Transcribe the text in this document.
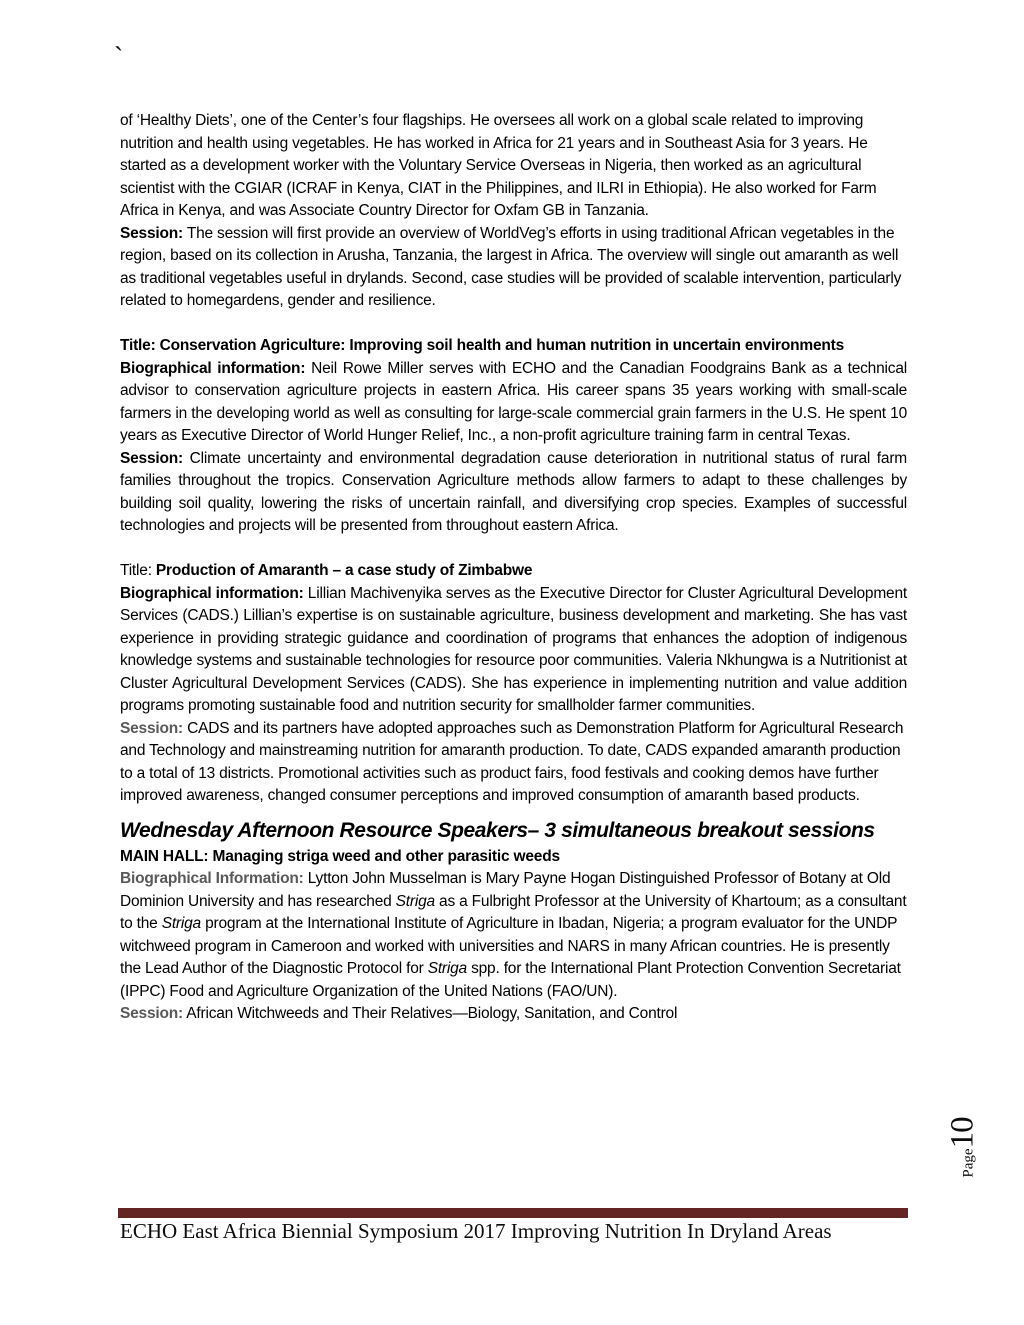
`

of ‘Healthy Diets’, one of the Center’s four flagships. He oversees all work on a global scale related to improving nutrition and health using vegetables. He has worked in Africa for 21 years and in Southeast Asia for 3 years. He started as a development worker with the Voluntary Service Overseas in Nigeria, then worked as an agricultural scientist with the CGIAR (ICRAF in Kenya, CIAT in the Philippines, and ILRI in Ethiopia). He also worked for Farm Africa in Kenya, and was Associate Country Director for Oxfam GB in Tanzania.

Session: The session will first provide an overview of WorldVeg’s efforts in using traditional African vegetables in the region, based on its collection in Arusha, Tanzania, the largest in Africa. The overview will single out amaranth as well as traditional vegetables useful in drylands. Second, case studies will be provided of scalable intervention, particularly related to homegardens, gender and resilience.

Title: Conservation Agriculture: Improving soil health and human nutrition in uncertain environments

Biographical information: Neil Rowe Miller serves with ECHO and the Canadian Foodgrains Bank as a technical advisor to conservation agriculture projects in eastern Africa. His career spans 35 years working with small-scale farmers in the developing world as well as consulting for large-scale commercial grain farmers in the U.S. He spent 10 years as Executive Director of World Hunger Relief, Inc., a non-profit agriculture training farm in central Texas.

Session: Climate uncertainty and environmental degradation cause deterioration in nutritional status of rural farm families throughout the tropics. Conservation Agriculture methods allow farmers to adapt to these challenges by building soil quality, lowering the risks of uncertain rainfall, and diversifying crop species. Examples of successful technologies and projects will be presented from throughout eastern Africa.

Title: Production of Amaranth – a case study of Zimbabwe

Biographical information: Lillian Machivenyika serves as the Executive Director for Cluster Agricultural Development Services (CADS.) Lillian’s expertise is on sustainable agriculture, business development and marketing. She has vast experience in providing strategic guidance and coordination of programs that enhances the adoption of indigenous knowledge systems and sustainable technologies for resource poor communities. Valeria Nkhungwa is a Nutritionist at Cluster Agricultural Development Services (CADS). She has experience in implementing nutrition and value addition programs promoting sustainable food and nutrition security for smallholder farmer communities.

Session: CADS and its partners have adopted approaches such as Demonstration Platform for Agricultural Research and Technology and mainstreaming nutrition for amaranth production. To date, CADS expanded amaranth production to a total of 13 districts. Promotional activities such as product fairs, food festivals and cooking demos have further improved awareness, changed consumer perceptions and improved consumption of amaranth based products.

Wednesday Afternoon Resource Speakers– 3 simultaneous breakout sessions

MAIN HALL: Managing striga weed and other parasitic weeds

Biographical Information: Lytton John Musselman is Mary Payne Hogan Distinguished Professor of Botany at Old Dominion University and has researched Striga as a Fulbright Professor at the University of Khartoum; as a consultant to the Striga program at the International Institute of Agriculture in Ibadan, Nigeria; a program evaluator for the UNDP witchweed program in Cameroon and worked with universities and NARS in many African countries. He is presently the Lead Author of the Diagnostic Protocol for Striga spp. for the International Plant Protection Convention Secretariat (IPPC) Food and Agriculture Organization of the United Nations (FAO/UN).

Session: African Witchweeds and Their Relatives—Biology, Sanitation, and Control

ECHO East Africa Biennial Symposium 2017 Improving Nutrition In Dryland Areas
Page
10
